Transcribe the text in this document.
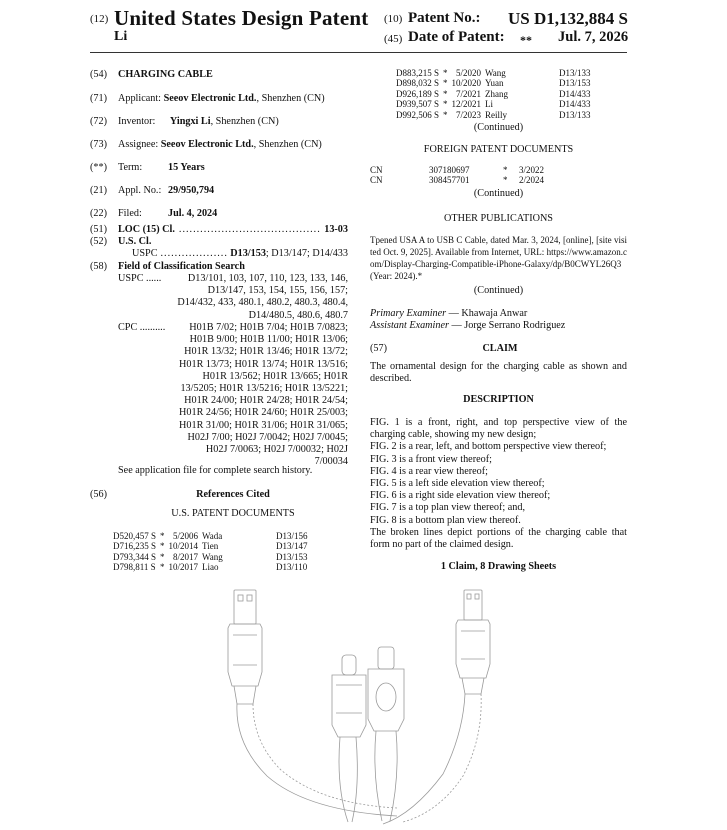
(12) United States Design Patent
Li
(10) Patent No.: US D1,132,884 S
(45) Date of Patent: ** Jul. 7, 2026
(54)	CHARGING CABLE
(71)	Applicant: Seeov Electronic Ltd., Shenzhen (CN)
(72)	Inventor: Yingxi Li, Shenzhen (CN)
(73)	Assignee: Seeov Electronic Ltd., Shenzhen (CN)
(**)	Term:	15 Years
(21)	Appl. No.: 29/950,794
(22)	Filed:	Jul. 4, 2024
(51)	LOC (15) Cl. .....	13-03
(52)	U.S. Cl.
USPC .....	D13/153 ; D13/147; D14/433
(58)	Field of Classification Search
USPC ......	D13/101, 103, 107, 110, 123, 133, 146,
D13/147, 153, 154, 155, 156, 157;
D14/432, 433, 480.1, 480.2, 480.3, 480.4,
D14/480.5, 480.6, 480.7
CPC ..........	H01B 7/02; H01B 7/04; H01B 7/0823;
H01B 9/00; H01B 11/00; H01R 13/06;
H01R 13/32; H01R 13/46; H01R 13/72;
H01R 13/73; H01R 13/74; H01R 13/516;
H01R 13/562; H01R 13/665; H01R
13/5205; H01R 13/5216; H01R 13/5221;
H01R 24/00; H01R 24/28; H01R 24/54;
H01R 24/56; H01R 24/60; H01R 25/003;
H01R 31/00; H01R 31/06; H01R 31/065;
H02J 7/00; H02J 7/0042; H02J 7/0045;
H02J 7/0063; H02J 7/00032; H02J
7/00034
See application file for complete search history.
(56)	References Cited
U.S. PATENT DOCUMENTS
D520,457 S	*	5/2006	Wada	D13/156
D716,235 S	*	10/2014	Tien	D13/147
D793,344 S	*	8/2017	Wang	D13/153
D798,811 S	*	10/2017	Liao	D13/110
D883,215 S	*	5/2020	Wang	D13/133
D898,032 S	*	10/2020	Yuan	D13/153
D926,189 S	*	7/2021	Zhang	D14/433
D939,507 S	*	12/2021	Li	D14/433
D992,506 S	*	7/2023	Reilly	D13/133
(Continued)
FOREIGN PATENT DOCUMENTS
CN	307180697	*	3/2022
CN	308457701	*	2/2024
(Continued)
OTHER PUBLICATIONS
Tpened USA A to USB C Cable, dated Mar. 3, 2024, [online], [site visited Oct. 9, 2025]. Available from Internet, URL: https://www.amazon.com/Display-Charging-Compatible-iPhone-Galaxy/dp/B0CWYL26Q3 (Year: 2024).*
(Continued)
Primary Examiner — Khawaja Anwar
Assistant Examiner — Jorge Serrano Rodriguez
(57)	CLAIM
The ornamental design for the charging cable as shown and described.
DESCRIPTION
FIG. 1 is a front, right, and top perspective view of the charging cable, showing my new design;
FIG. 2 is a rear, left, and bottom perspective view thereof;
FIG. 3 is a front view thereof;
FIG. 4 is a rear view thereof;
FIG. 5 is a left side elevation view thereof;
FIG. 6 is a right side elevation view thereof;
FIG. 7 is a top plan view thereof; and,
FIG. 8 is a bottom plan view thereof.
The broken lines depict portions of the charging cable that form no part of the claimed design.
1 Claim, 8 Drawing Sheets
